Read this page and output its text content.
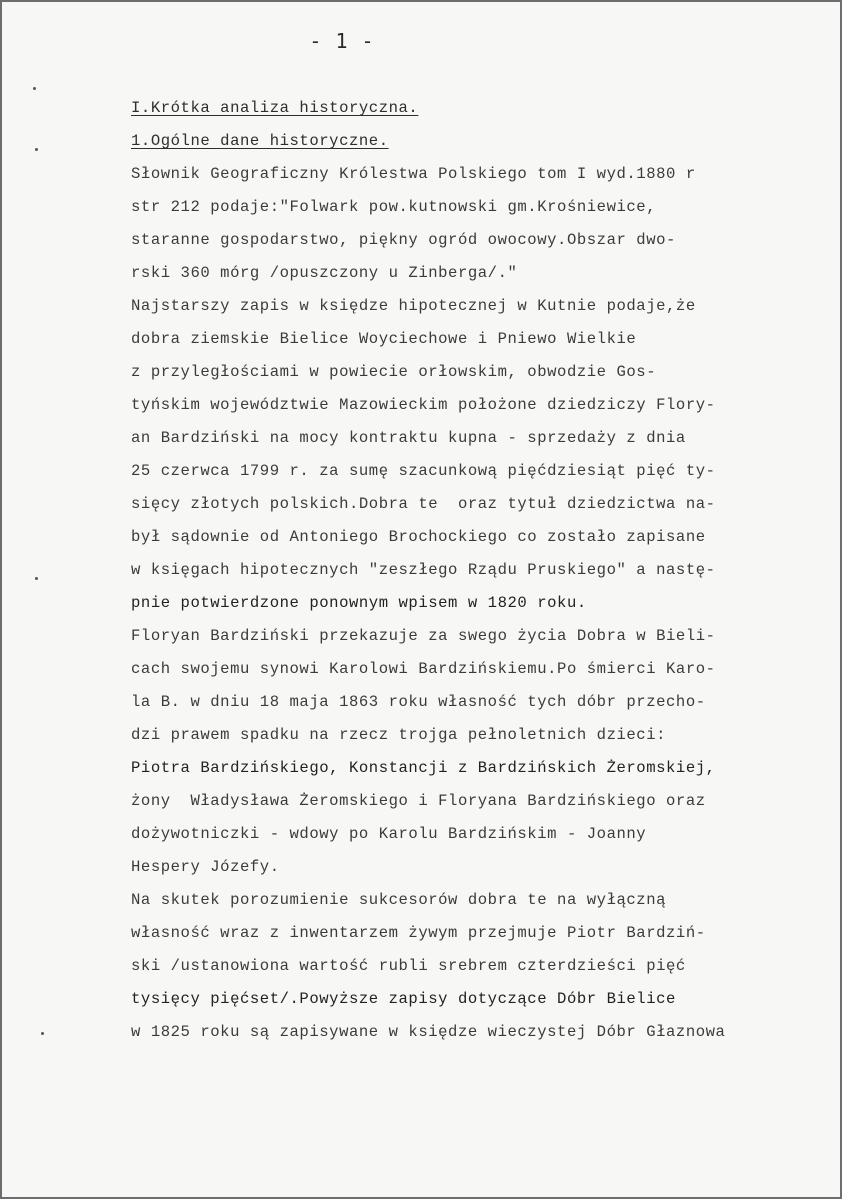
- 1 -
I.Krótka analiza historyczna.
1.Ogólne dane historyczne.
Słownik Geograficzny Królestwa Polskiego tom I wyd.1880 r
str 212 podaje:"Folwark pow.kutnowski gm.Krośniewice,
staranne gospodarstwo, piękny ogród owocowy.Obszar dwo-
rski 360 mórg /opuszczony u Zinberga/."
Najstarszy zapis w księdze hipotecznej w Kutnie podaje,że
dobra ziemskie Bielice Woyciechowe i Pniewo Wielkie
z przyległościami w powiecie orłowskim, obwodzie Gos-
tyńskim województwie Mazowieckim położone dziedziczy Flory-
an Bardziński na mocy kontraktu kupna - sprzedaży z dnia
25 czerwca 1799 r. za sumę szacunkową pięćdziesiąt pięć ty-
sięcy złotych polskich.Dobra te  oraz tytuł dziedzictwa na-
był sądownie od Antoniego Brochockiego co zostało zapisane
w księgach hipotecznych "zeszłego Rządu Pruskiego" a nastę-
pnie potwierdzone ponownym wpisem w 1820 roku.
Floryan Bardziński przekazuje za swego życia Dobra w Bieli-
cach swojemu synowi Karolowi Bardzińskiemu.Po śmierci Karo-
la B. w dniu 18 maja 1863 roku własność tych dóbr przecho-
dzi prawem spadku na rzecz trojga pełnoletnich dzieci:
Piotra Bardzińskiego, Konstancji z Bardzińskich Żeromskiej,
żony  Władysława Żeromskiego i Floryana Bardzińskiego oraz
dożywotniczki - wdowy po Karolu Bardzińskim - Joanny
Hespery Józefy.
Na skutek porozumienie sukcesorów dobra te na wyłączną
własność wraz z inwentarzem żywym przejmuje Piotr Bardziń-
ski /ustanowiona wartość rubli srebrem czterdzieści pięć
tysięcy pięćset/.Powyższe zapisy dotyczące Dóbr Bielice
w 1825 roku są zapisywane w księdze wieczystej Dóbr Głaznowa
